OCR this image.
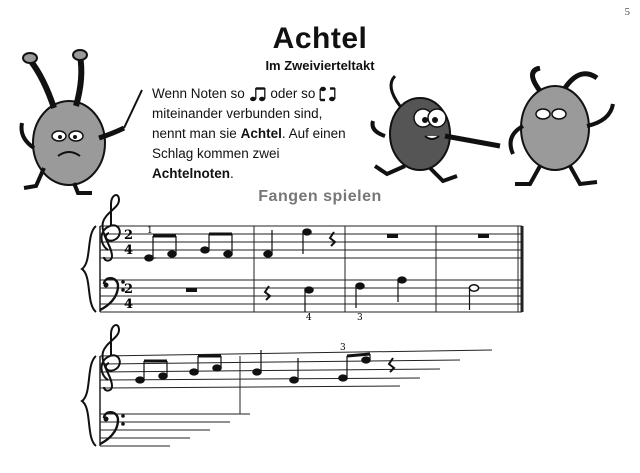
5
Achtel
Im Zweivierteltakt
Wenn Noten so oder so
miteinander verbunden sind,
nennt man sie Achtel. Auf einen
Schlag kommen zwei
Achtelnoten.
Fangen spielen
2
4
2
4
1
4	3
3
